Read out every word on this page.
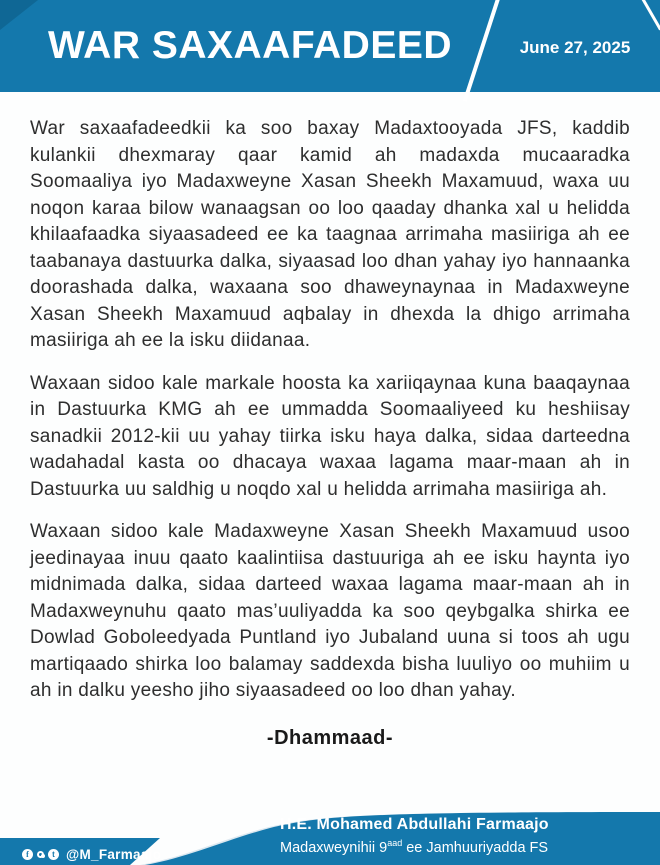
WAR SAXAAFADEED	June 27, 2025

War saxaafadeedkii ka soo baxay Madaxtooyada JFS, kaddib kulankii dhexmaray qaar kamid ah madaxda mucaaradka Soomaaliya iyo Madaxweyne Xasan Sheekh Maxamuud, waxa uu noqon karaa bilow wanaagsan oo loo qaaday dhanka xal u helidda khilaafaadka siyaasadeed ee ka taagnaa arrimaha masiiriga ah ee taabanaya dastuurka dalka, siyaasad loo dhan yahay iyo hannaanka doorashada dalka, waxaana soo dhaweynaynaa in Madaxweyne Xasan Sheekh Maxamuud aqbalay in dhexda la dhigo arrimaha masiiriga ah ee la isku diidanaa.

Waxaan sidoo kale markale hoosta ka xariiqaynaa kuna baaqaynaa in Dastuurka KMG ah ee ummadda Soomaaliyeed ku heshiisay sanadkii 2012-kii uu yahay tiirka isku haya dalka, sidaa darteedna wadahadal kasta oo dhacaya waxaa lagama maar-maan ah in Dastuurka uu saldhig u noqdo xal u helidda arrimaha masiiriga ah.

Waxaan sidoo kale Madaxweyne Xasan Sheekh Maxamuud usoo jeedinayaa inuu qaato kaalintiisa dastuuriga ah ee isku haynta iyo midnimada dalka, sidaa darteed waxaa lagama maar-maan ah in Madaxweynuhu qaato mas’uuliyadda ka soo qeybgalka shirka ee Dowlad Goboleedyada Puntland iyo Jubaland uuna si toos ah ugu martiqaado shirka loo balamay saddexda bisha luuliyo oo muhiim u ah in dalku yeesho jiho siyaasadeed oo loo dhan yahay.

-Dhammaad-
f
t
@M_Farmaajo
H.E. Mohamed Abdullahi Farmaajo
Madaxweynihii $9^{aad}$ ee Jamhuuriyadda FS
